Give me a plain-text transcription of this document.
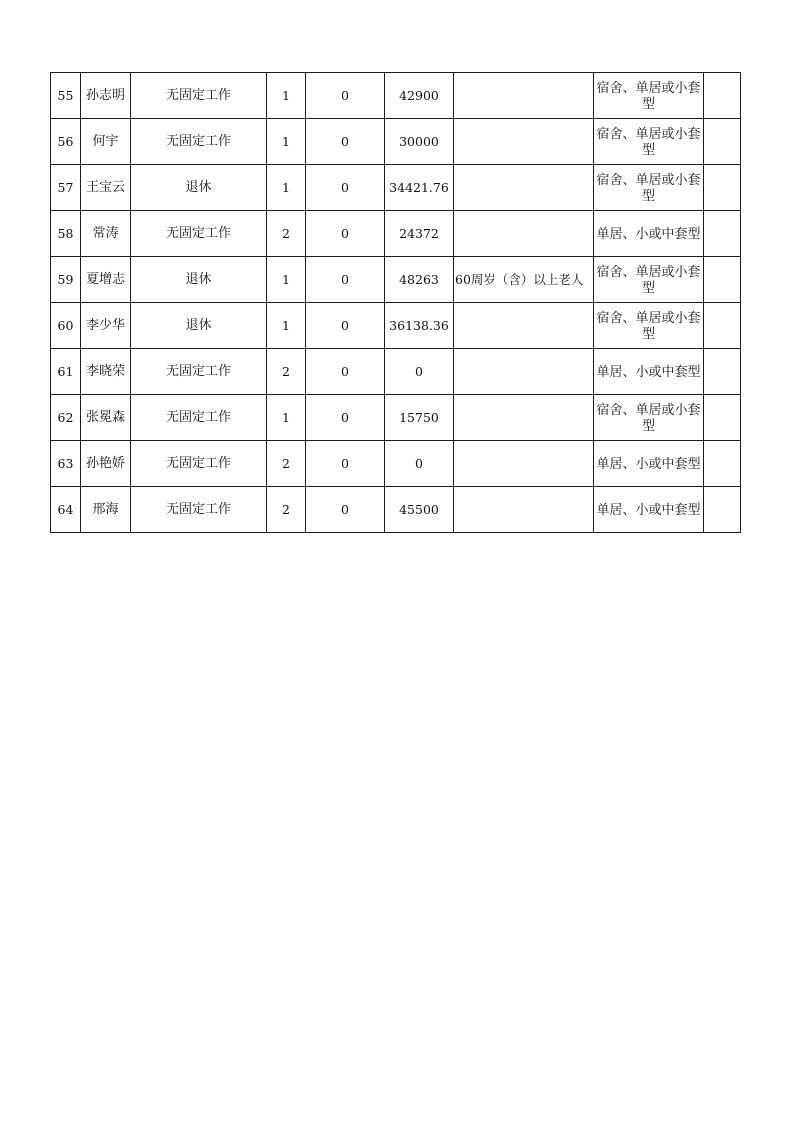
55	孙志明	无固定工作	1	0	42900		宿舍、单居或小套型	
56	何宇	无固定工作	1	0	30000		宿舍、单居或小套型	
57	王宝云	退休	1	0	34421.76		宿舍、单居或小套型	
58	常涛	无固定工作	2	0	24372		单居、小或中套型	
59	夏增志	退休	1	0	48263	60周岁（含）以上老人	宿舍、单居或小套型	
60	李少华	退休	1	0	36138.36		宿舍、单居或小套型	
61	李晓荣	无固定工作	2	0	0		单居、小或中套型	
62	张冕森	无固定工作	1	0	15750		宿舍、单居或小套型	
63	孙艳娇	无固定工作	2	0	0		单居、小或中套型	
64	邢海	无固定工作	2	0	45500		单居、小或中套型	
